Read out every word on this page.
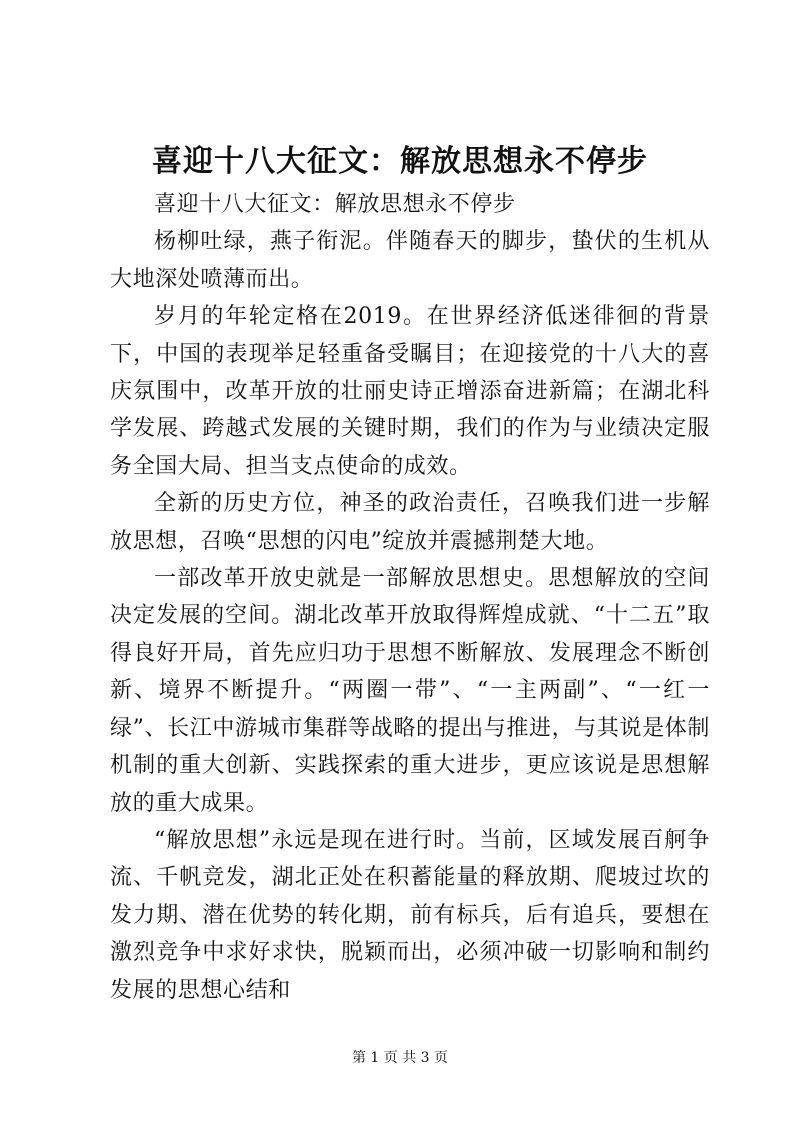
喜迎十八大征文：解放思想永不停步

喜迎十八大征文：解放思想永不停步

杨柳吐绿，燕子衔泥。伴随春天的脚步，蛰伏的生机从大地深处喷薄而出。

岁月的年轮定格在2019。在世界经济低迷徘徊的背景下，中国的表现举足轻重备受瞩目；在迎接党的十八大的喜庆氛围中，改革开放的壮丽史诗正增添奋进新篇；在湖北科学发展、跨越式发展的关键时期，我们的作为与业绩决定服务全国大局、担当支点使命的成效。

全新的历史方位，神圣的政治责任，召唤我们进一步解放思想，召唤“思想的闪电”绽放并震撼荆楚大地。

一部改革开放史就是一部解放思想史。思想解放的空间决定发展的空间。湖北改革开放取得辉煌成就、“十二五”取得良好开局，首先应归功于思想不断解放、发展理念不断创新、境界不断提升。“两圈一带”、“一主两副”、“一红一绿”、长江中游城市集群等战略的提出与推进，与其说是体制机制的重大创新、实践探索的重大进步，更应该说是思想解放的重大成果。

“解放思想”永远是现在进行时。当前，区域发展百舸争流、千帆竞发，湖北正处在积蓄能量的释放期、爬坡过坎的发力期、潜在优势的转化期，前有标兵，后有追兵，要想在激烈竞争中求好求快，脱颖而出，必须冲破一切影响和制约发展的思想心结和

第 1 页 共 3 页
